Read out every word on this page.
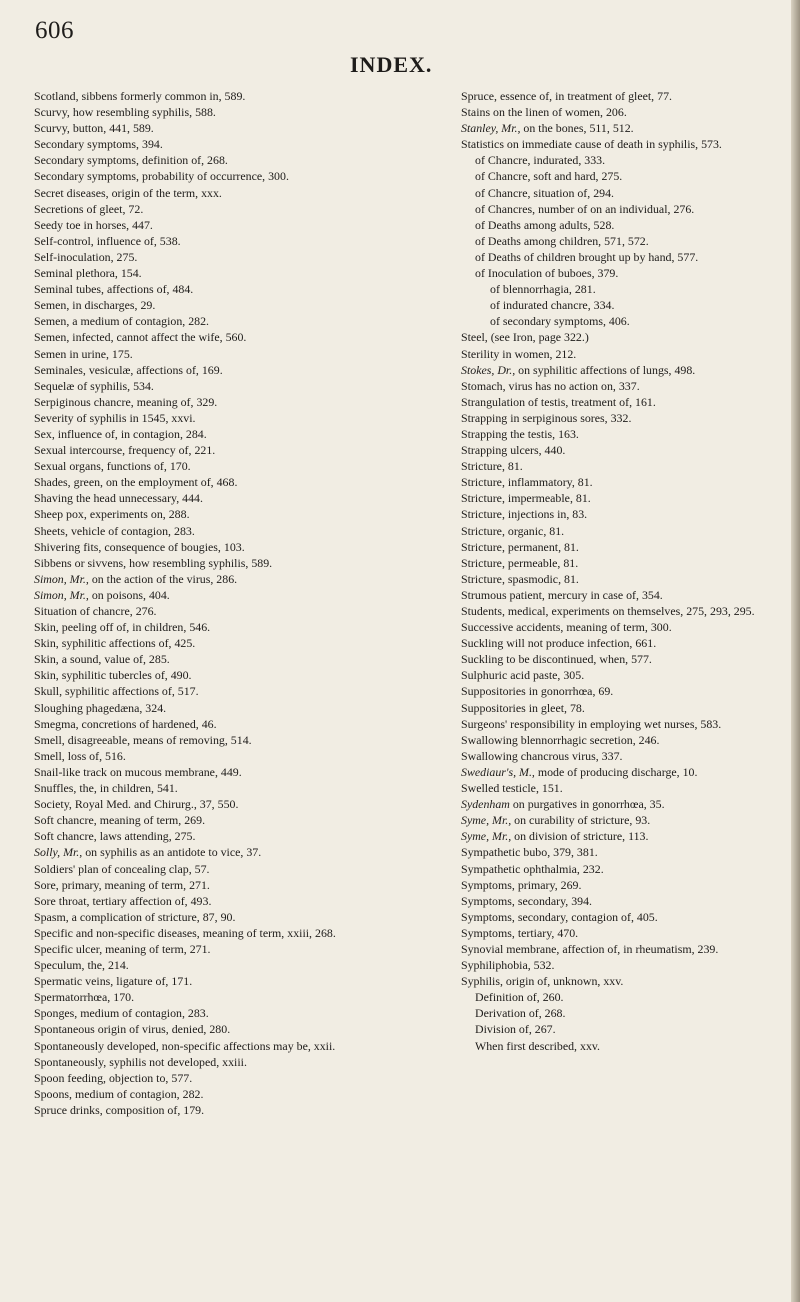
606
INDEX.
Scotland, sibbens formerly common in, 589.
Scurvy, how resembling syphilis, 588.
Scurvy, button, 441, 589.
Secondary symptoms, 394.
Secondary symptoms, definition of, 268.
Secondary symptoms, probability of occurrence, 300.
Secret diseases, origin of the term, xxx.
Secretions of gleet, 72.
Seedy toe in horses, 447.
Self-control, influence of, 538.
Self-inoculation, 275.
Seminal plethora, 154.
Seminal tubes, affections of, 484.
Semen, in discharges, 29.
Semen, a medium of contagion, 282.
Semen, infected, cannot affect the wife, 560.
Semen in urine, 175.
Seminales, vesiculæ, affections of, 169.
Sequelæ of syphilis, 534.
Serpiginous chancre, meaning of, 329.
Severity of syphilis in 1545, xxvi.
Sex, influence of, in contagion, 284.
Sexual intercourse, frequency of, 221.
Sexual organs, functions of, 170.
Shades, green, on the employment of, 468.
Shaving the head unnecessary, 444.
Sheep pox, experiments on, 288.
Sheets, vehicle of contagion, 283.
Shivering fits, consequence of bougies, 103.
Sibbens or sivvens, how resembling syphilis, 589.
Simon, Mr., on the action of the virus, 286.
Simon, Mr., on poisons, 404.
Situation of chancre, 276.
Skin, peeling off of, in children, 546.
Skin, syphilitic affections of, 425.
Skin, a sound, value of, 285.
Skin, syphilitic tubercles of, 490.
Skull, syphilitic affections of, 517.
Sloughing phagedæna, 324.
Smegma, concretions of hardened, 46.
Smell, disagreeable, means of removing, 514.
Smell, loss of, 516.
Snail-like track on mucous membrane, 449.
Snuffles, the, in children, 541.
Society, Royal Med. and Chirurg., 37, 550.
Soft chancre, meaning of term, 269.
Soft chancre, laws attending, 275.
Solly, Mr., on syphilis as an antidote to vice, 37.
Soldiers' plan of concealing clap, 57.
Sore, primary, meaning of term, 271.
Sore throat, tertiary affection of, 493.
Spasm, a complication of stricture, 87, 90.
Specific and non-specific diseases, meaning of term, xxiii, 268.
Specific ulcer, meaning of term, 271.
Speculum, the, 214.
Spermatic veins, ligature of, 171.
Spermatorrhœa, 170.
Sponges, medium of contagion, 283.
Spontaneous origin of virus, denied, 280.
Spontaneously developed, non-specific affections may be, xxii.
Spontaneously, syphilis not developed, xxiii.
Spoon feeding, objection to, 577.
Spoons, medium of contagion, 282.
Spruce drinks, composition of, 179.
Spruce, essence of, in treatment of gleet, 77.
Stains on the linen of women, 206.
Stanley, Mr., on the bones, 511, 512.
Statistics on immediate cause of death in syphilis, 573.
of Chancre, indurated, 333.
of Chancre, soft and hard, 275.
of Chancre, situation of, 294.
of Chancres, number of on an individual, 276.
of Deaths among adults, 528.
of Deaths among children, 571, 572.
of Deaths of children brought up by hand, 577.
of Inoculation of buboes, 379.
of blennorrhagia, 281.
of indurated chancre, 334.
of secondary symptoms, 406.
Steel, (see Iron, page 322.)
Sterility in women, 212.
Stokes, Dr., on syphilitic affections of lungs, 498.
Stomach, virus has no action on, 337.
Strangulation of testis, treatment of, 161.
Strapping in serpiginous sores, 332.
Strapping the testis, 163.
Strapping ulcers, 440.
Stricture, 81.
Stricture, inflammatory, 81.
Stricture, impermeable, 81.
Stricture, injections in, 83.
Stricture, organic, 81.
Stricture, permanent, 81.
Stricture, permeable, 81.
Stricture, spasmodic, 81.
Strumous patient, mercury in case of, 354.
Students, medical, experiments on themselves, 275, 293, 295.
Successive accidents, meaning of term, 300.
Suckling will not produce infection, 661.
Suckling to be discontinued, when, 577.
Sulphuric acid paste, 305.
Suppositories in gonorrhœa, 69.
Suppositories in gleet, 78.
Surgeons' responsibility in employing wet nurses, 583.
Swallowing blennorrhagic secretion, 246.
Swallowing chancrous virus, 337.
Swediaur's, M., mode of producing discharge, 10.
Swelled testicle, 151.
Sydenham on purgatives in gonorrhœa, 35.
Syme, Mr., on curability of stricture, 93.
Syme, Mr., on division of stricture, 113.
Sympathetic bubo, 379, 381.
Sympathetic ophthalmia, 232.
Symptoms, primary, 269.
Symptoms, secondary, 394.
Symptoms, secondary, contagion of, 405.
Symptoms, tertiary, 470.
Synovial membrane, affection of, in rheumatism, 239.
Syphiliphobia, 532.
Syphilis, origin of, unknown, xxv.
Definition of, 260.
Derivation of, 268.
Division of, 267.
When first described, xxv.
